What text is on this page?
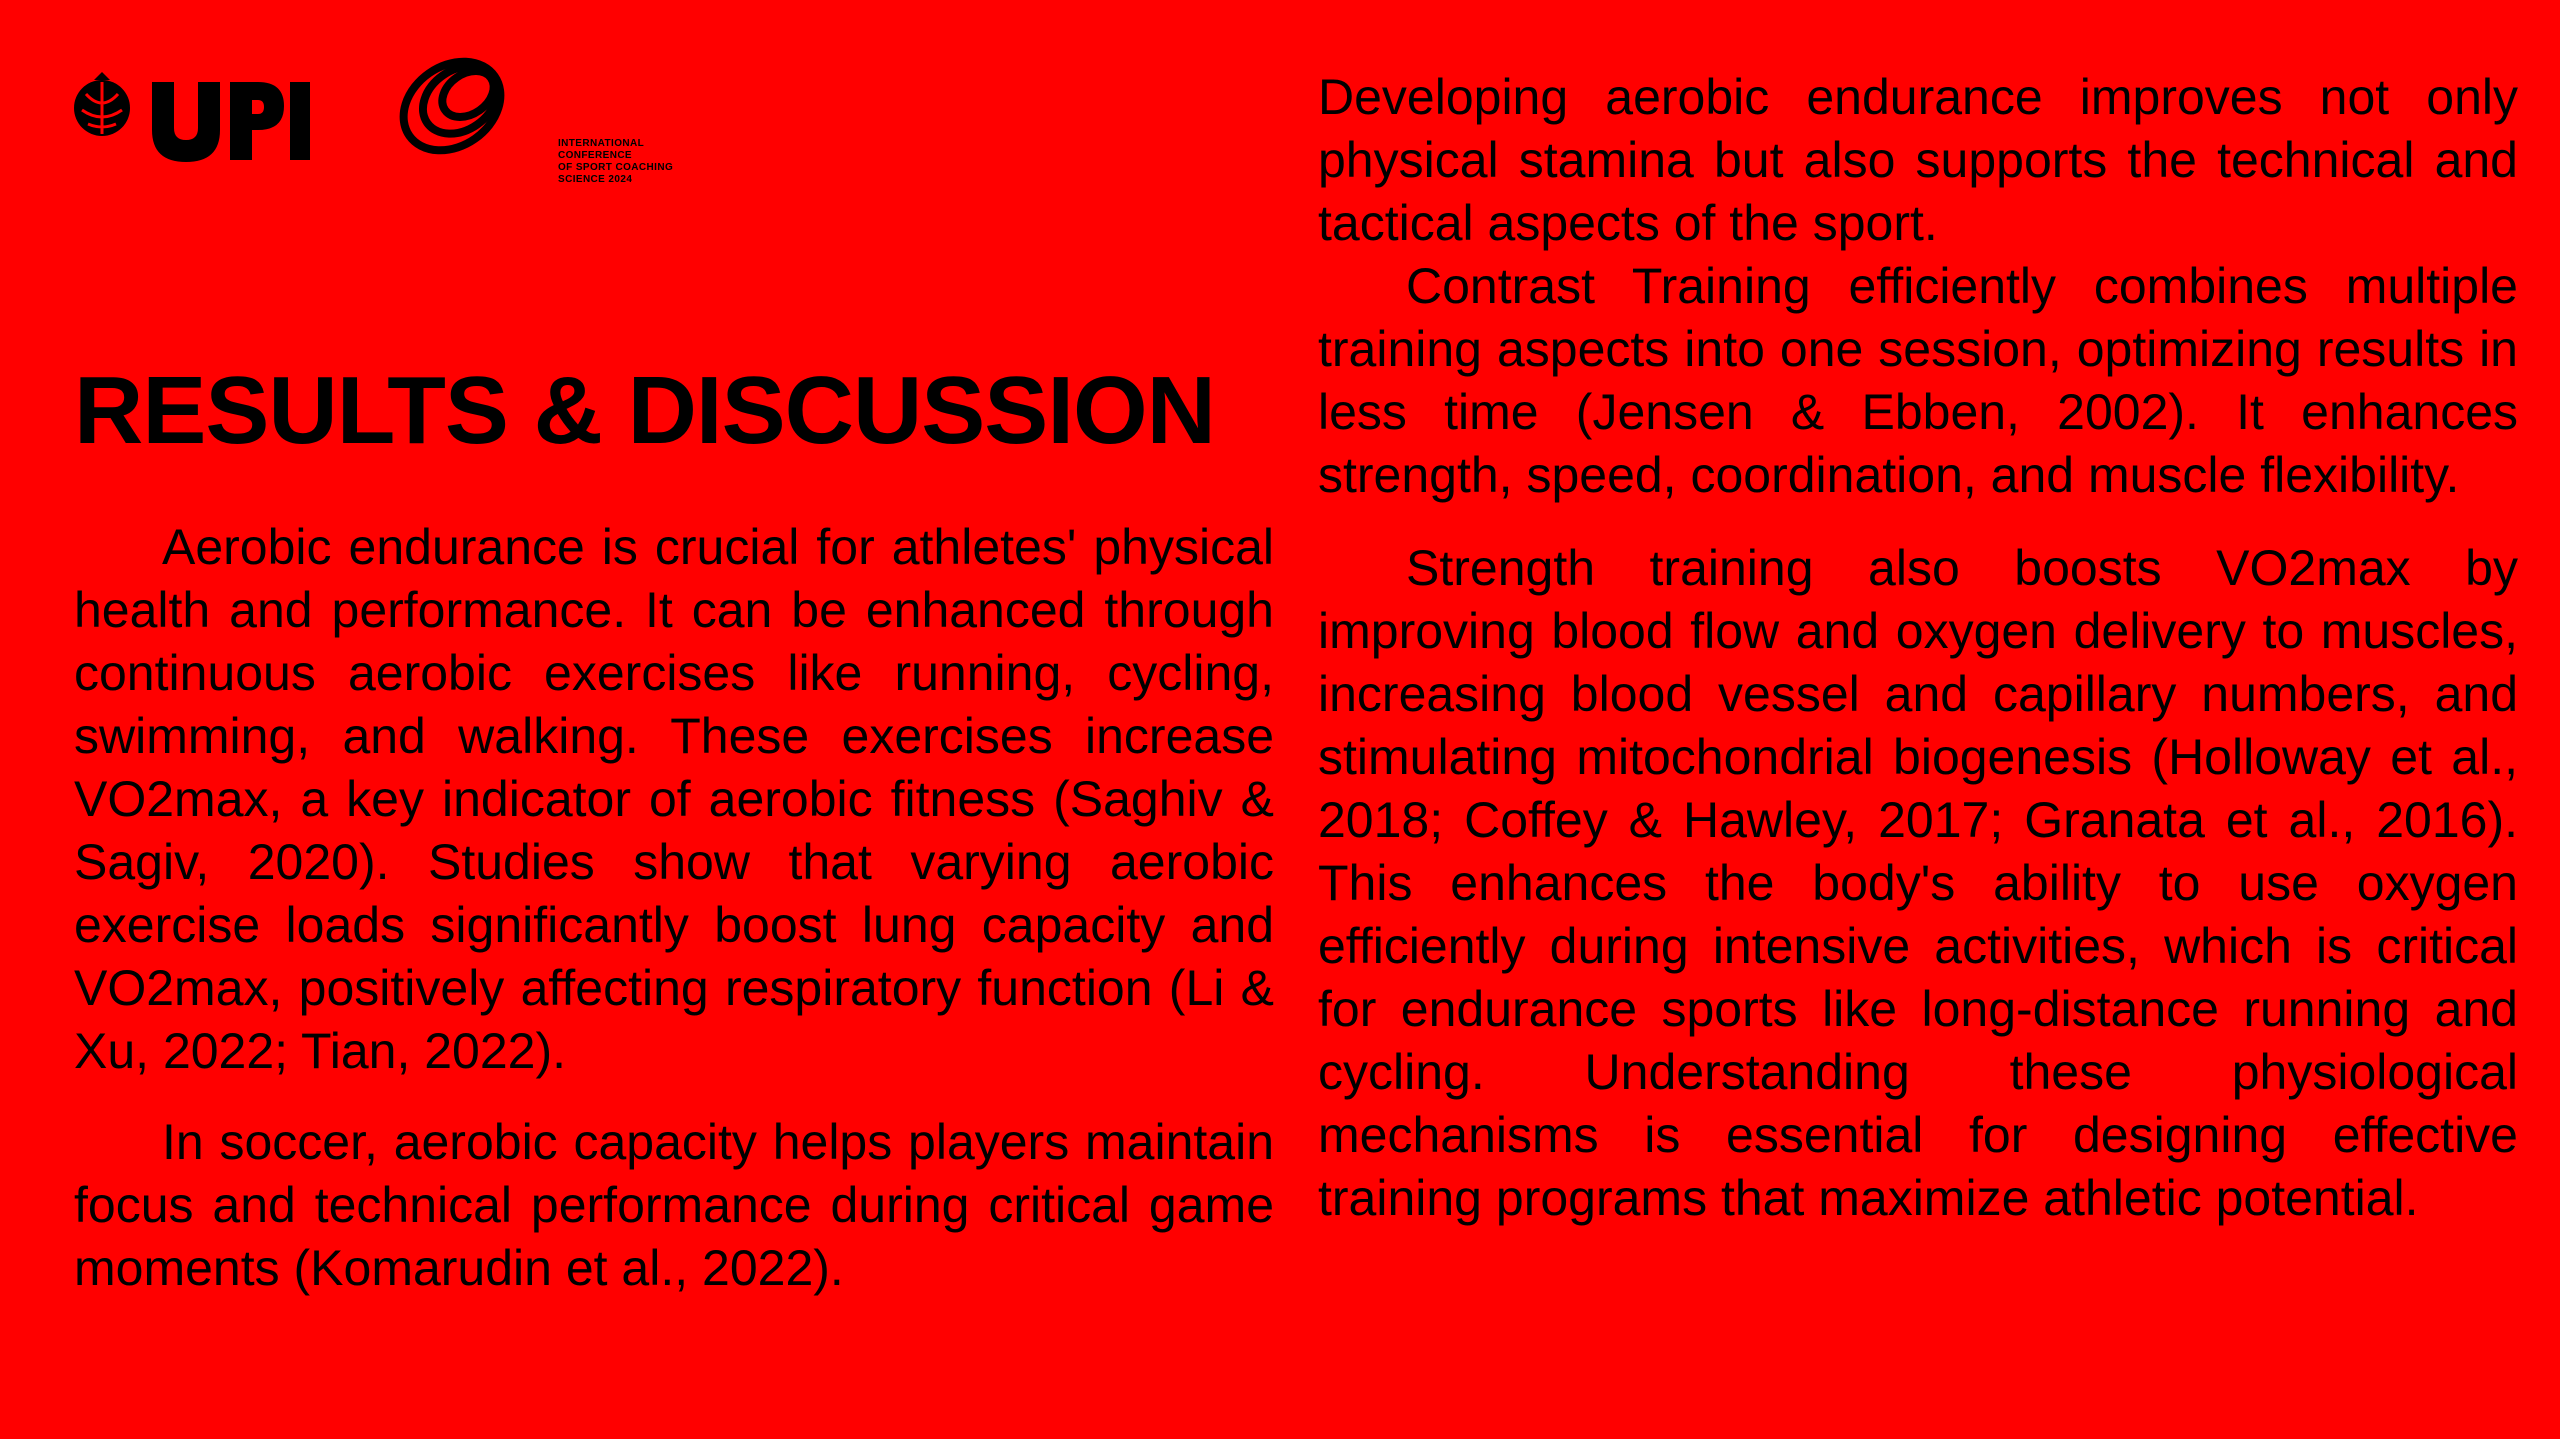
INTERNATIONAL CONFERENCE
OF SPORT COACHING
SCIENCE 2024
RESULTS & DISCUSSION

Aerobic endurance is crucial for athletes' physical health and performance. It can be enhanced through continuous aerobic exercises like running, cycling, swimming, and walking. These exercises increase VO2max, a key indicator of aerobic fitness (Saghiv & Sagiv, 2020). Studies show that varying aerobic exercise loads significantly boost lung capacity and VO2max, positively affecting respiratory function (Li & Xu, 2022; Tian, 2022).

In soccer, aerobic capacity helps players maintain focus and technical performance during critical game moments (Komarudin et al., 2022).

Developing aerobic endurance improves not only physical stamina but also supports the technical and tactical aspects of the sport.

Contrast Training efficiently combines multiple training aspects into one session, optimizing results in less time (Jensen & Ebben, 2002). It enhances strength, speed, coordination, and muscle flexibility.

Strength training also boosts VO2max by improving blood flow and oxygen delivery to muscles, increasing blood vessel and capillary numbers, and stimulating mitochondrial biogenesis (Holloway et al., 2018; Coffey & Hawley, 2017; Granata et al., 2016). This enhances the body's ability to use oxygen efficiently during intensive activities, which is critical for endurance sports like long-distance running and cycling. Understanding these physiological mechanisms is essential for designing effective training programs that maximize athletic potential.
